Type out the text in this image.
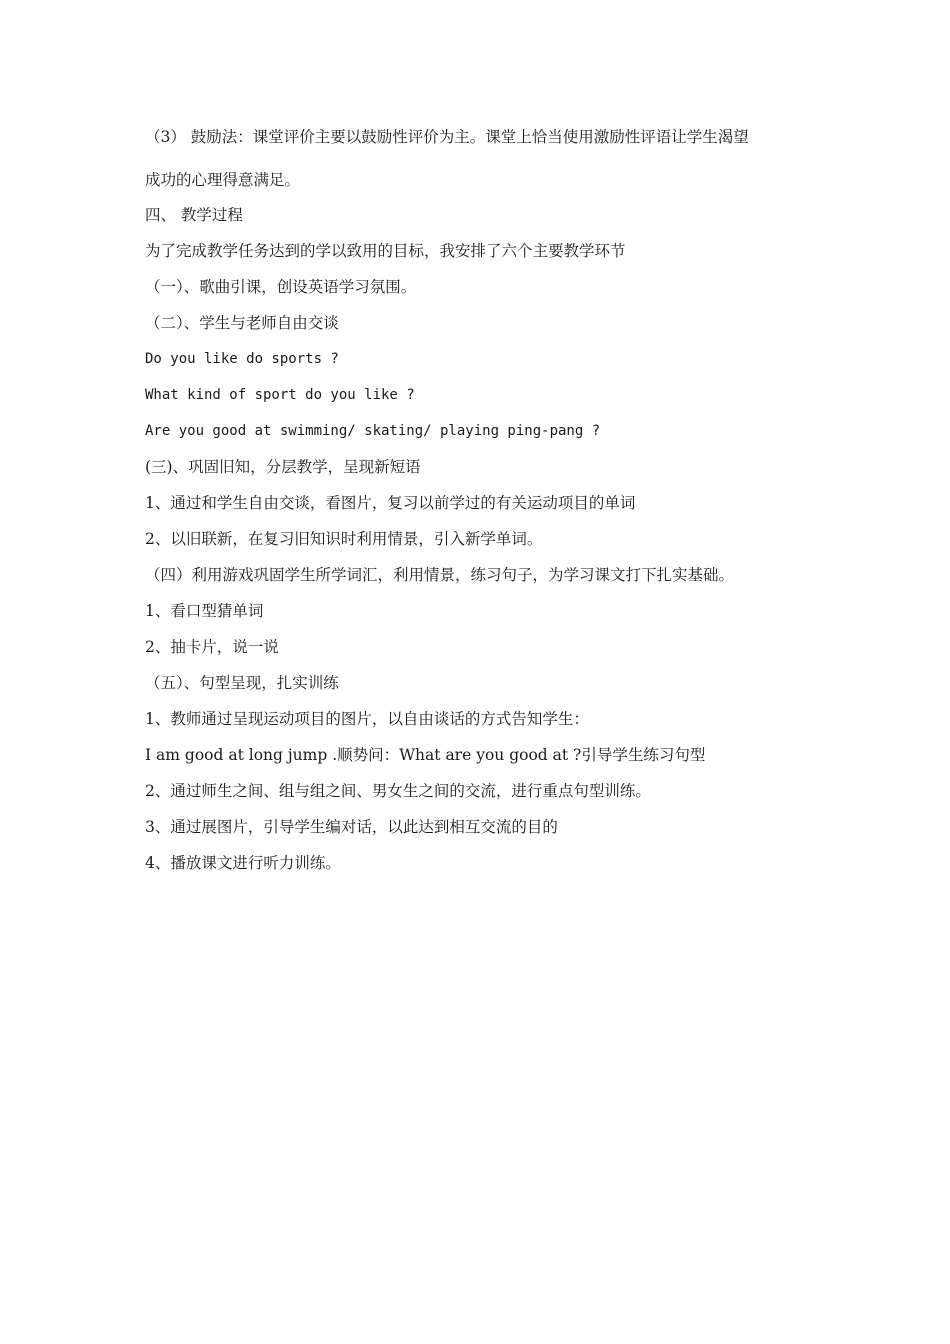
（3） 鼓励法：课堂评价主要以鼓励性评价为主。课堂上恰当使用激励性评语让学生渴望
成功的心理得意满足。
四、 教学过程
为了完成教学任务达到的学以致用的目标，我安排了六个主要教学环节
（一）、歌曲引课，创设英语学习氛围。
（二）、学生与老师自由交谈
Do you like do sports ?
What kind of sport do you like ?
Are you good at swimming/ skating/ playing ping-pang ?
(三)、巩固旧知，分层教学，呈现新短语
1、通过和学生自由交谈，看图片，复习以前学过的有关运动项目的单词
2、以旧联新，在复习旧知识时利用情景，引入新学单词。
（四）利用游戏巩固学生所学词汇，利用情景，练习句子，为学习课文打下扎实基础。
1、看口型猜单词
2、抽卡片，说一说
（五）、句型呈现，扎实训练
1、教师通过呈现运动项目的图片，以自由谈话的方式告知学生：
I am good at long jump .顺势问：What are you good at ?引导学生练习句型
2、通过师生之间、组与组之间、男女生之间的交流，进行重点句型训练。
3、通过展图片，引导学生编对话，以此达到相互交流的目的
4、播放课文进行听力训练。
